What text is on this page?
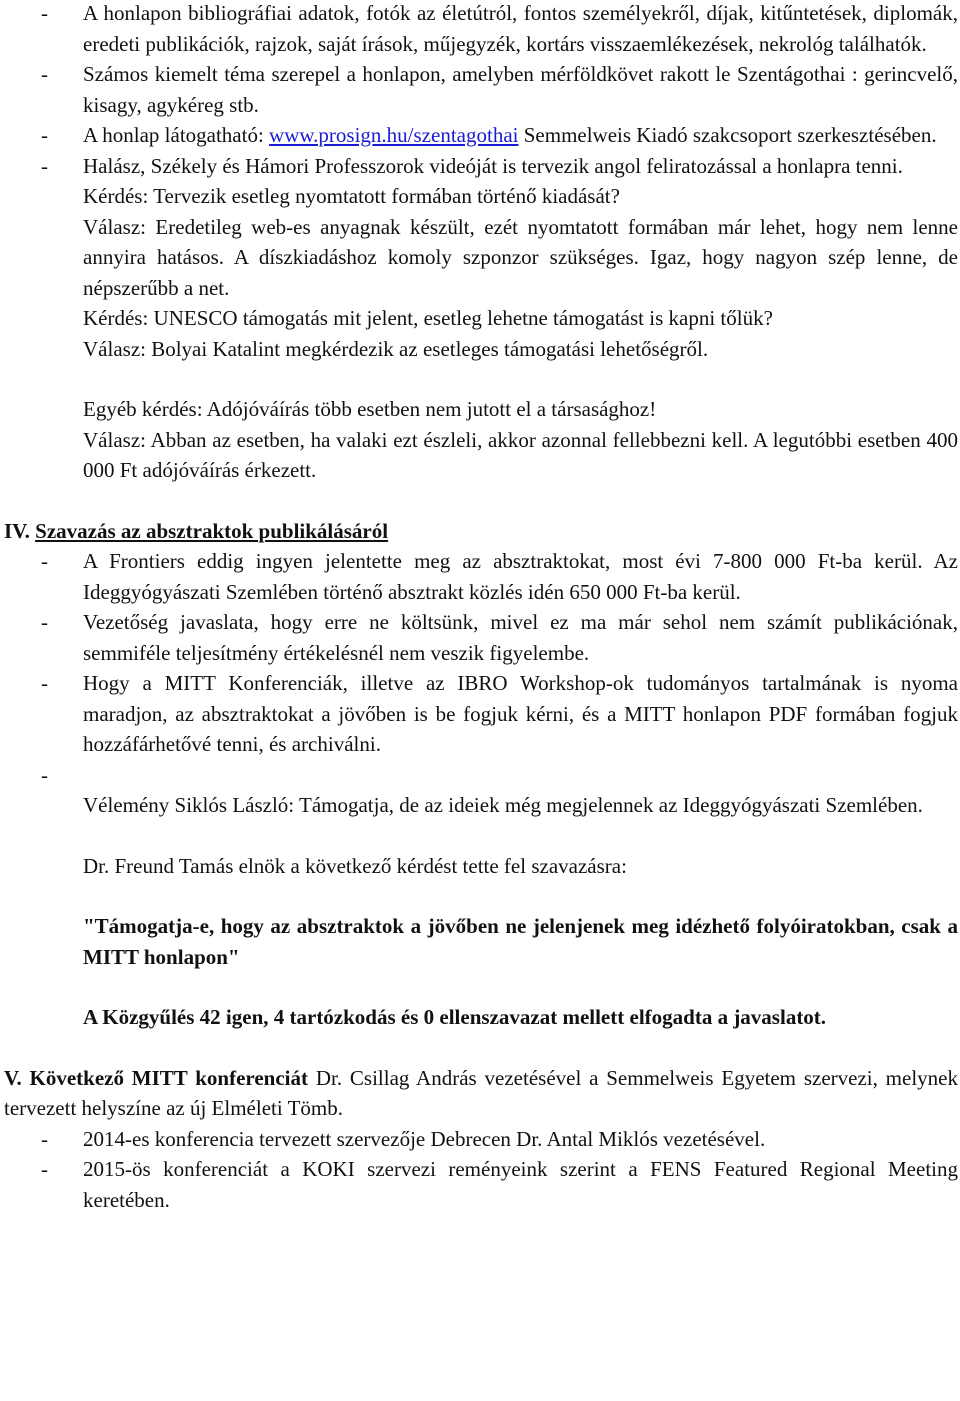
- A honlapon bibliográfiai adatok, fotók az életútról, fontos személyekről, díjak, kitűntetések, diplomák, eredeti publikációk, rajzok, saját írások, műjegyzék, kortárs visszaemlékezések, nekrológ találhatók.
- Számos kiemelt téma szerepel a honlapon, amelyben mérföldkövet rakott le Szentágothai : gerincvelő, kisagy, agykéreg stb.
- A honlap látogatható: www.prosign.hu/szentagothai Semmelweis Kiadó szakcsoport szerkesztésében.
- Halász, Székely és Hámori Professzorok videóját is tervezik angol feliratozással a honlapra tenni.
Kérdés: Tervezik esetleg nyomtatott formában történő kiadását?
Válasz: Eredetileg web-es anyagnak készült, ezét nyomtatott formában már lehet, hogy nem lenne annyira hatásos. A díszkiadáshoz komoly szponzor szükséges. Igaz, hogy nagyon szép lenne, de népszerűbb a net.
Kérdés: UNESCO támogatás mit jelent, esetleg lehetne támogatást is kapni tőlük?
Válasz: Bolyai Katalint megkérdezik az esetleges támogatási lehetőségről.
Egyéb kérdés: Adójóváírás több esetben nem jutott el a társasághoz!
Válasz: Abban az esetben, ha valaki ezt észleli, akkor azonnal fellebbezni kell. A legutóbbi esetben 400 000 Ft adójóváírás érkezett.
IV. Szavazás az absztraktok publikálásáról
- A Frontiers eddig ingyen jelentette meg az absztraktokat, most évi 7-800 000 Ft-ba kerül. Az Ideggyógyászati Szemlében történő absztrakt közlés idén 650 000 Ft-ba kerül.
- Vezetőség javaslata, hogy erre ne költsünk, mivel ez ma már sehol nem számít publikációnak, semmiféle teljesítmény értékelésnél nem veszik figyelembe.
- Hogy a MITT Konferenciák, illetve az IBRO Workshop-ok tudományos tartalmának is nyoma maradjon, az absztraktokat a jövőben is be fogjuk kérni, és a MITT honlapon PDF formában fogjuk hozzáfárhetővé tenni, és archiválni.
-
Vélemény Siklós László: Támogatja, de az ideiek még megjelennek az Ideggyógyászati Szemlében.
Dr. Freund Tamás elnök a következő kérdést tette fel szavazásra:
"Támogatja-e, hogy az absztraktok a jövőben ne jelenjenek meg idézhető folyóiratokban, csak a MITT honlapon"
A Közgyűlés 42 igen, 4 tartózkodás és 0 ellenszavazat mellett elfogadta a javaslatot.
V. Következő MITT konferenciát Dr. Csillag András vezetésével a Semmelweis Egyetem szervezi, melynek tervezett helyszíne az új Elméleti Tömb.
- 2014-es konferencia tervezett szervezője Debrecen Dr. Antal Miklós vezetésével.
- 2015-ös konferenciát a KOKI szervezi reményeink szerint a FENS Featured Regional Meeting keretében.
